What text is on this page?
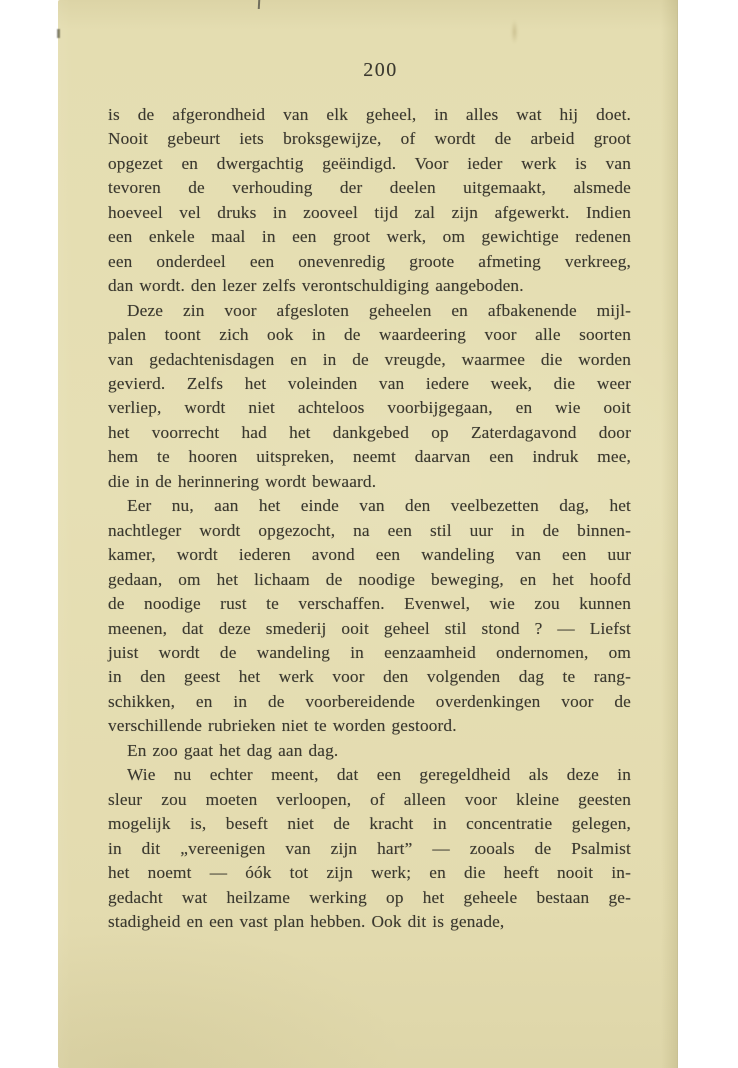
200
is de afgerondheid van elk geheel, in alles wat hij doet.
Nooit gebeurt iets broksgewijze, of wordt de arbeid groot
opgezet en dwergachtig geëindigd. Voor ieder werk is van
tevoren de verhouding der deelen uitgemaakt, alsmede
hoeveel vel druks in zooveel tijd zal zijn afgewerkt. Indien
een enkele maal in een groot werk, om gewichtige redenen
een onderdeel een onevenredig groote afmeting verkreeg,
dan wordt. den lezer zelfs verontschuldiging aangeboden.
Deze zin voor afgesloten geheelen en afbakenende mijl-
palen toont zich ook in de waardeering voor alle soorten
van gedachtenisdagen en in de vreugde, waarmee die worden
gevierd. Zelfs het voleinden van iedere week, die weer
verliep, wordt niet achteloos voorbijgegaan, en wie ooit
het voorrecht had het dankgebed op Zaterdagavond door
hem te hooren uitspreken, neemt daarvan een indruk mee,
die in de herinnering wordt bewaard.
Eer nu, aan het einde van den veelbezetten dag, het
nachtleger wordt opgezocht, na een stil uur in de binnen-
kamer, wordt iederen avond een wandeling van een uur
gedaan, om het lichaam de noodige beweging, en het hoofd
de noodige rust te verschaffen. Evenwel, wie zou kunnen
meenen, dat deze smederij ooit geheel stil stond ? — Liefst
juist wordt de wandeling in eenzaamheid ondernomen, om
in den geest het werk voor den volgenden dag te rang-
schikken, en in de voorbereidende overdenkingen voor de
verschillende rubrieken niet te worden gestoord.
En zoo gaat het dag aan dag.
Wie nu echter meent, dat een geregeldheid als deze in
sleur zou moeten verloopen, of alleen voor kleine geesten
mogelijk is, beseft niet de kracht in concentratie gelegen,
in dit „vereenigen van zijn hart” — zooals de Psalmist
het noemt — óók tot zijn werk; en die heeft nooit in-
gedacht wat heilzame werking op het geheele bestaan ge-
stadigheid en een vast plan hebben. Ook dit is genade,
